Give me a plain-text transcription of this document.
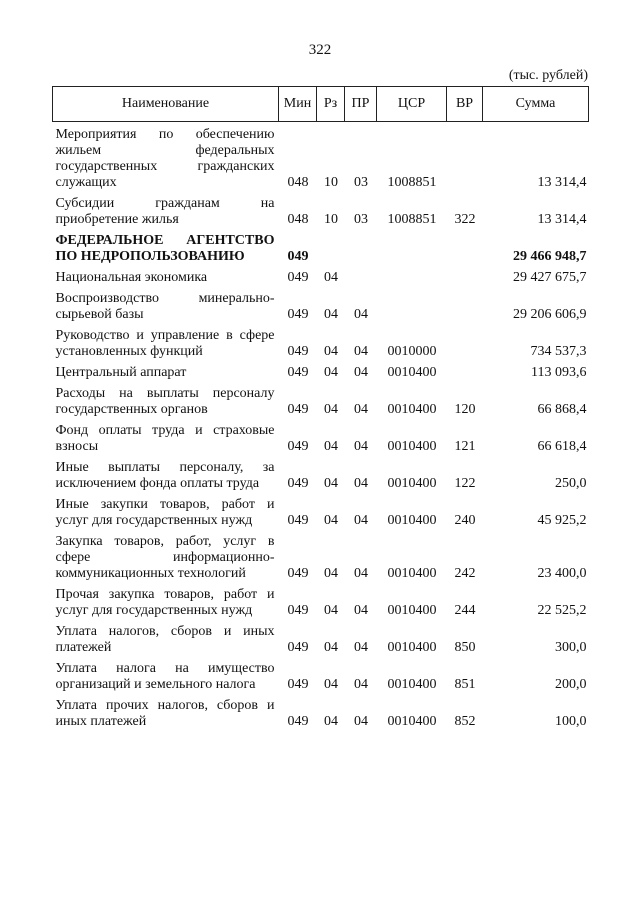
322
(тыс. рублей)
Наименование	Мин	Рз	ПР	ЦСР	ВР	Сумма
Мероприятия по обеспечению жильем федеральных государственных гражданских служащих	048	10	03	1008851		13 314,4
Субсидии гражданам на приобретение жилья	048	10	03	1008851	322	13 314,4
ФЕДЕРАЛЬНОЕ АГЕНТСТВО ПО НЕДРОПОЛЬЗОВАНИЮ	049					29 466 948,7
Национальная экономика	049	04				29 427 675,7
Воспроизводство минерально-сырьевой базы	049	04	04			29 206 606,9
Руководство и управление в сфере установленных функций	049	04	04	0010000		734 537,3
Центральный аппарат	049	04	04	0010400		113 093,6
Расходы на выплаты персоналу государственных органов	049	04	04	0010400	120	66 868,4
Фонд оплаты труда и страховые взносы	049	04	04	0010400	121	66 618,4
Иные выплаты персоналу, за исключением фонда оплаты труда	049	04	04	0010400	122	250,0
Иные закупки товаров, работ и услуг для государственных нужд	049	04	04	0010400	240	45 925,2
Закупка товаров, работ, услуг в сфере информационно-коммуникационных технологий	049	04	04	0010400	242	23 400,0
Прочая закупка товаров, работ и услуг для государственных нужд	049	04	04	0010400	244	22 525,2
Уплата налогов, сборов и иных платежей	049	04	04	0010400	850	300,0
Уплата налога на имущество организаций и земельного налога	049	04	04	0010400	851	200,0
Уплата прочих налогов, сборов и иных платежей	049	04	04	0010400	852	100,0
